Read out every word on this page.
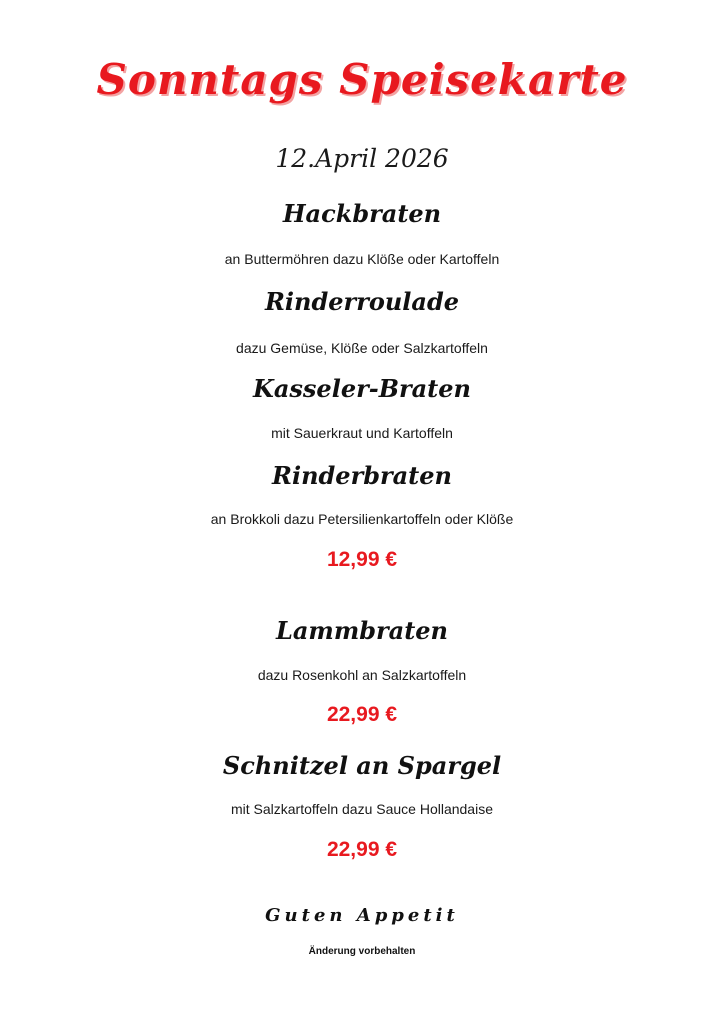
Sonntags Speisekarte
12.April 2026
Hackbraten
an Buttermöhren dazu Klöße oder Kartoffeln
Rinderroulade
dazu Gemüse, Klöße oder Salzkartoffeln
Kasseler-Braten
mit Sauerkraut und Kartoffeln
Rinderbraten
an Brokkoli dazu Petersilienkartoffeln oder Klöße
12,99 €
Lammbraten
dazu Rosenkohl an Salzkartoffeln
22,99 €
Schnitzel an Spargel
mit Salzkartoffeln dazu Sauce Hollandaise
22,99 €
Guten Appetit
Änderung vorbehalten
